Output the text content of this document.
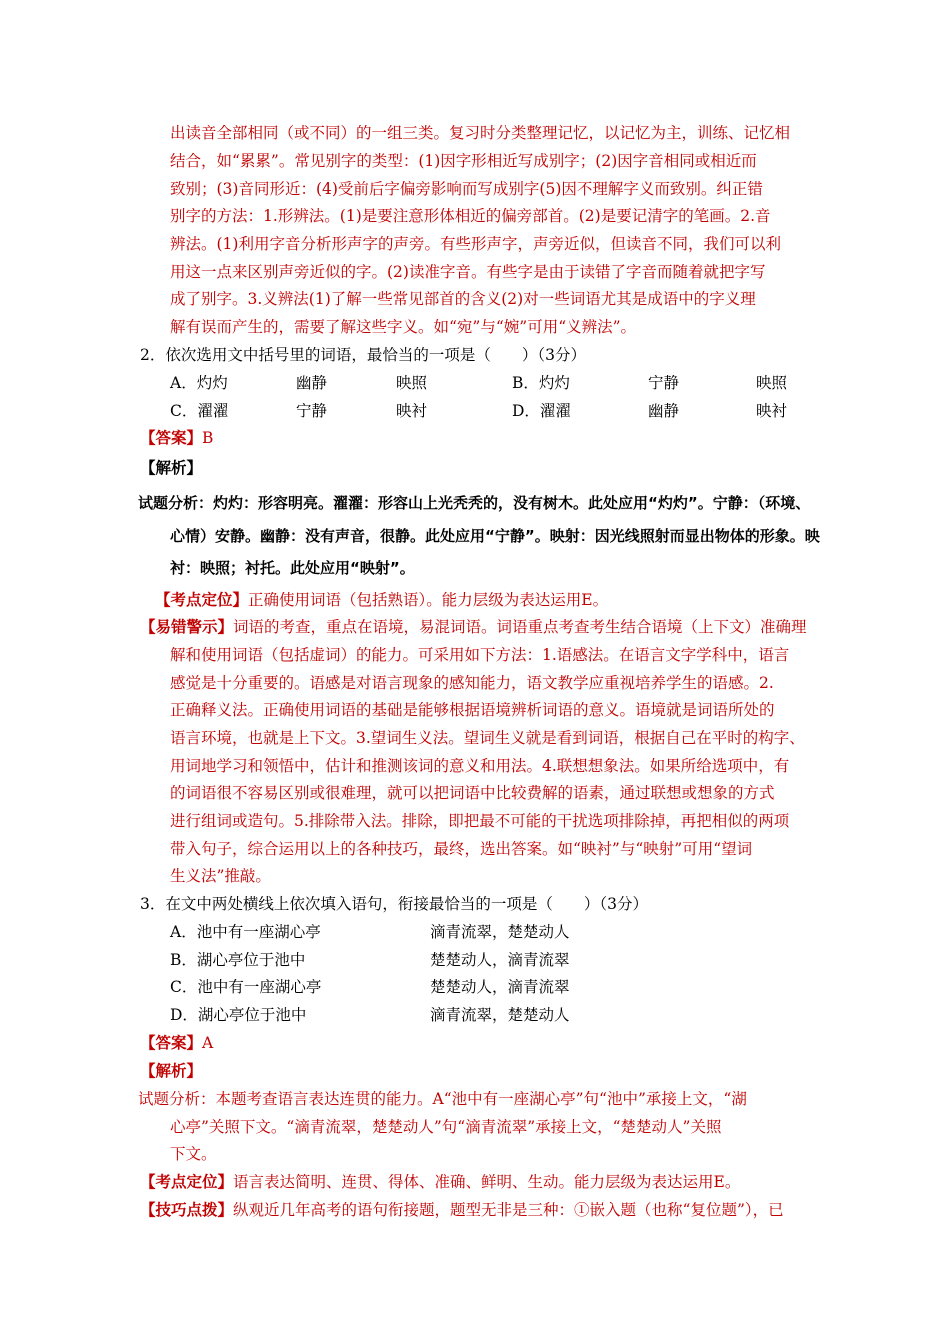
出读音全部相同（或不同）的一组三类。复习时分类整理记忆，以记忆为主，训练、记忆相
结合，如“累累”。常见别字的类型：(1)因字形相近写成别字；(2)因字音相同或相近而
致别；(3)音同形近：(4)受前后字偏旁影响而写成别字(5)因不理解字义而致别。纠正错
别字的方法：1.形辨法。(1)是要注意形体相近的偏旁部首。(2)是要记清字的笔画。2.音
辨法。(1)利用字音分析形声字的声旁。有些形声字，声旁近似，但读音不同，我们可以利
用这一点来区别声旁近似的字。(2)读准字音。有些字是由于读错了字音而随着就把字写
成了别字。3.义辨法(1)了解一些常见部首的含义(2)对一些词语尤其是成语中的字义理
解有误而产生的，需要了解这些字义。如“宛”与“婉”可用“义辨法”。
2．依次选用文中括号里的词语，最恰当的一项是（　　）（3分）
A．灼灼	幽静	映照	B．灼灼	宁静	映照
C．濯濯	宁静	映衬	D．濯濯	幽静	映衬
【答案】B
【解析】
试题分析：灼灼：形容明亮。濯濯：形容山上光秃秃的，没有树木。此处应用“灼灼”。宁静：（环境、
心情）安静。幽静：没有声音，很静。此处应用“宁静”。映射：因光线照射而显出物体的形象。映
衬：映照；衬托。此处应用“映射”。
【考点定位】正确使用词语（包括熟语）。能力层级为表达运用E。
【易错警示】词语的考查，重点在语境，易混词语。词语重点考查考生结合语境（上下文）准确理
解和使用词语（包括虚词）的能力。可采用如下方法：1.语感法。在语言文字学科中，语言
感觉是十分重要的。语感是对语言现象的感知能力，语文教学应重视培养学生的语感。2.
正确释义法。正确使用词语的基础是能够根据语境辨析词语的意义。语境就是词语所处的
语言环境，也就是上下文。3.望词生义法。望词生义就是看到词语，根据自己在平时的构字、
用词地学习和领悟中，估计和推测该词的意义和用法。4.联想想象法。如果所给选项中，有
的词语很不容易区别或很难理，就可以把词语中比较费解的语素，通过联想或想象的方式
进行组词或造句。5.排除带入法。排除，即把最不可能的干扰选项排除掉，再把相似的两项
带入句子，综合运用以上的各种技巧，最终，选出答案。如“映衬”与“映射”可用“望词
生义法”推敲。
3．在文中两处横线上依次填入语句，衔接最恰当的一项是（　　）（3分）
A．池中有一座湖心亭	滴青流翠，楚楚动人
B．湖心亭位于池中	楚楚动人，滴青流翠
C．池中有一座湖心亭	楚楚动人，滴青流翠
D．湖心亭位于池中	滴青流翠，楚楚动人
【答案】A
【解析】
试题分析：本题考查语言表达连贯的能力。A“池中有一座湖心亭”句“池中”承接上文，“湖
心亭”关照下文。“滴青流翠，楚楚动人”句“滴青流翠”承接上文，“楚楚动人”关照
下文。
【考点定位】语言表达简明、连贯、得体、准确、鲜明、生动。能力层级为表达运用E。
【技巧点拨】纵观近几年高考的语句衔接题，题型无非是三种：①嵌入题（也称“复位题”），已
